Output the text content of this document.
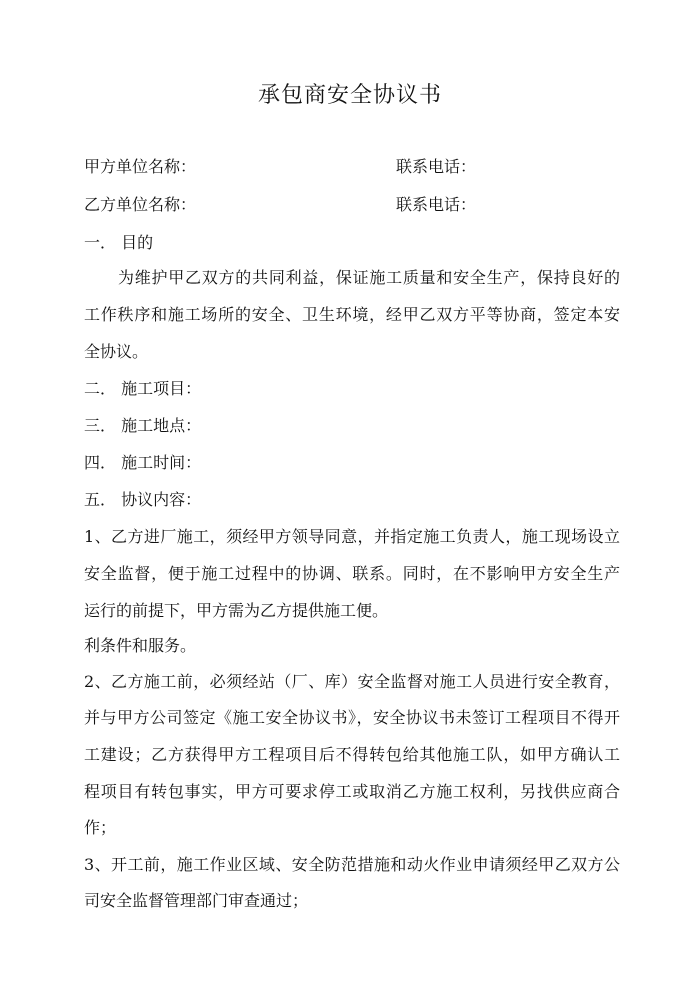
承包商安全协议书
甲方单位名称：	联系电话：
乙方单位名称：	联系电话：
一． 目的
为维护甲乙双方的共同利益，保证施工质量和安全生产，保持良好的
工作秩序和施工场所的安全、卫生环境，经甲乙双方平等协商，签定本安
全协议。
二． 施工项目：
三． 施工地点：
四． 施工时间：
五． 协议内容：
1、乙方进厂施工，须经甲方领导同意，并指定施工负责人，施工现场设立
安全监督，便于施工过程中的协调、联系。同时，在不影响甲方安全生产
运行的前提下，甲方需为乙方提供施工便。
利条件和服务。
2、乙方施工前，必须经站（厂、库）安全监督对施工人员进行安全教育，
并与甲方公司签定《施工安全协议书》，安全协议书未签订工程项目不得开
工建设；乙方获得甲方工程项目后不得转包给其他施工队，如甲方确认工
程项目有转包事实，甲方可要求停工或取消乙方施工权利，另找供应商合
作；
3、开工前，施工作业区域、安全防范措施和动火作业申请须经甲乙双方公
司安全监督管理部门审查通过；
